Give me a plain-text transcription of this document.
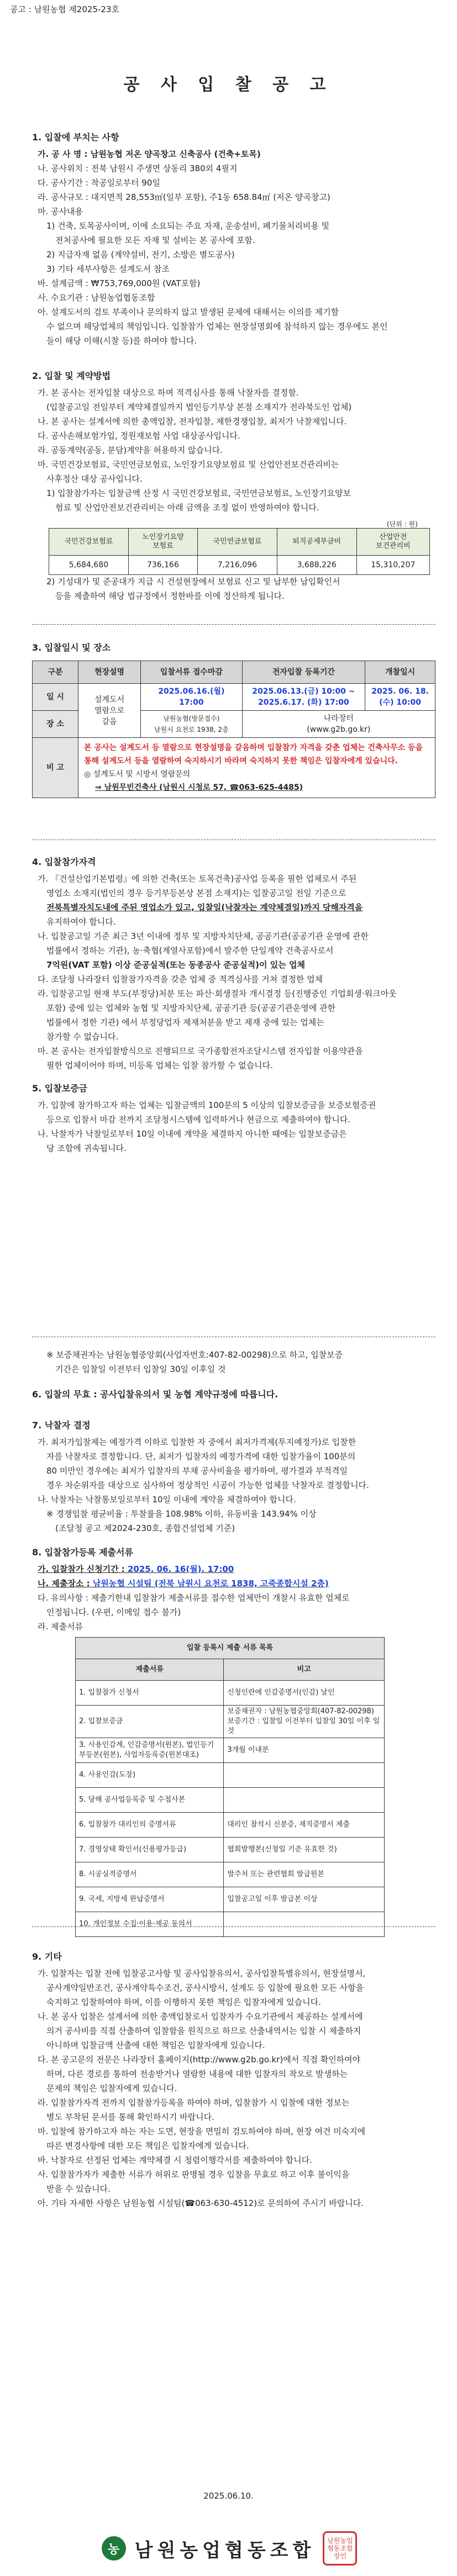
공고 : 남원농협 제2025-23호
공 사 입 찰 공 고

1. 입찰에 부치는 사항

가. 공 사 명 : 남원농협 저온 양곡창고 신축공사 (건축+토목)

나. 공사위치 : 전북 남원시 주생면 상동리 380외 4필지

다. 공사기간 : 착공일로부터 90일

라. 공사규모 : 대지면적 28,553㎡(일부 포함), 주1동 658.84㎡ (저온 양곡창고)

마. 공사내용

1) 건축, 토목공사이며, 이에 소요되는 주요 자재, 운송설비, 폐기물처리비용 및

전처공사에 필요한 모든 자재 및 설비는 본 공사에 포함.

2) 지급자재 없음 (계약설비, 전기, 소방은 별도공사)

3) 기타 세부사항은 설계도서 참조

바. 설계금액 : ₩753,769,000원 (VAT포함)

사. 수요기관 : 남원농업협동조합

아. 설계도서의 검토 부족이나 문의하지 않고 발생된 문제에 대해서는 이의를 제기할

수 없으며 해당업체의 책임입니다. 입찰참가 업체는 현장설명회에 참석하지 않는 경우에도 본인

들이 해당 이해(시찰 등)를 하여야 합니다.

2. 입찰 및 계약방법

가. 본 공사는 전자입찰 대상으로 하며 적격심사를 통해 낙찰자를 결정함.

(입찰공고일 전일부터 계약체결일까지 법인등기부상 본점 소재지가 전라북도인 업체)

나. 본 공사는 설계서에 의한 총액입찰, 전자입찰, 제한경쟁입찰, 최저가 낙찰제입니다.

다. 공사손해보험가입, 정원재보험 사업 대상공사입니다.

라. 공동계약(공동, 분담)계약을 허용하지 않습니다.

마. 국민건강보험료, 국민연금보험료, 노인장기요양보험료 및 산업안전보건관리비는

사후정산 대상 공사입니다.

1) 입찰참가자는 입찰금액 산정 시 국민건강보험료, 국민연금보험료, 노인장기요양보

험료 및 산업안전보건관리비는 아래 금액을 조정 없이 반영하여야 합니다.

(단위 : 원)
국민건강보험료	노인장기요양
보험료	국민연금보험료	퇴직공제부금비	산업안전
보건관리비
5,684,680	736,166	7,216,096	3,688,226	15,310,207

2) 기성대가 및 준공대가 지급 시 건설현장에서 보험료 신고 및 납부한 납입확인서

등을 제출하여 해당 법규정에서 정한바를 이에 정산하게 됩니다.

3. 입찰일시 및 장소

구분	현장설명	입찰서류 접수마감	전자입찰 등록기간	개찰일시
일 시	설계도서
열람으로
갈음	2025.06.16.(월)
17:00	2025.06.13.(금) 10:00 ~
2025.6.17. (화) 17:00	2025. 06. 18.
(수) 10:00
장 소		남원농협(방문접수)
남원시 요천로 1938, 2층	나라장터
(www.g2b.go.kr)	
비 고	본 공사는 설계도서 등 열람으로 현장설명을 갈음하며 입찰참가 자격을 갖춘 업체는 건축사무소 등을 통해 설계도서 등을 열람하여 숙지하시기 바라며 숙지하지 못한 책임은 입찰자에게 있습니다.
◎ 설계도서 및 시방서 열람문의
⇒ 남원무빈건축사 (남원시 시청로 57, ☎063-625-4485)			

4. 입찰참가자격

가. 『건설산업기본법령』에 의한 건축(또는 토목건축)공사업 등록을 필한 업체로서 주된

영업소 소재지(법인의 경우 등기부등본상 본점 소재지)는 입찰공고일 전일 기준으로

전북특별자치도내에 주된 영업소가 있고, 입찰일(낙찰자는 계약체결일)까지 당해자격을

유지하여야 합니다.

나. 입찰공고일 기준 최근 3년 이내에 정부 및 지방자치단체, 공공기관(공공기관 운영에 관한

법률에서 정하는 기관), 농·축협(계열사포함)에서 발주한 단일계약 건축공사로서

7억원(VAT 포함) 이상 준공실적(또는 동종공사 준공실적)이 있는 업체

다. 조달청 나라장터 입찰참가자격을 갖춘 업체 중 적격심사를 거쳐 결정한 업체

라. 입찰공고일 현재 부도(부정당)처분 또는 파산·회생절차 개시결정 등(진행중인 기업회생·워크아웃

포함) 중에 있는 업체와 농협 및 지방자치단체, 공공기관 등(공공기관운영에 관한

법률에서 정한 기관) 에서 부정당업자 제재처분을 받고 제재 중에 있는 업체는

참가할 수 없습니다.

마. 본 공사는 전자입찰방식으로 진행되므로 국가종합전자조달시스템 전자입찰 이용약관을

필한 업체이어야 하며, 미등록 업체는 입찰 참가할 수 없습니다.

5. 입찰보증금

가. 입찰에 참가하고자 하는 업체는 입찰금액의 100분의 5 이상의 입찰보증금을 보증보험증권

등으로 입찰서 마감 전까지 조달청시스템에 입력하거나 현금으로 제출하여야 합니다.

나. 낙찰자가 낙찰일로부터 10일 이내에 계약을 체결하지 아니한 때에는 입찰보증금은

당 조합에 귀속됩니다.

※ 보증채권자는 남원농협중앙회(사업자번호:407-82-00298)으로 하고, 입찰보증

기간은 입찰일 이전부터 입찰일 30일 이후일 것

6. 입찰의 무효 : 공사입찰유의서 및 농협 계약규정에 따릅니다.

7. 낙찰자 결정

가. 최저가입찰제는 예정가격 이하로 입찰한 자 중에서 최저가격제(투지예정가)로 입찰한

자를 낙찰자로 결정합니다. 단, 최저가 입찰자의 예정가격에 대한 입찰가율이 100분의

80 미만인 경우에는 최저가 입찰자의 부채 공사비율을 평가하여, 평가결과 부적격일

경우 차순위자를 대상으로 심사하여 정상적인 시공이 가능한 업체를 낙찰자로 결정합니다.

나. 낙찰자는 낙찰통보일로부터 10일 이내에 계약을 체결하여야 합니다.

※ 경쟁입찰 평균비율 : 투찰률을 108.98% 이하, 유동비율 143.94% 이상

(조달청 공고 제2024-230호, 종합건설업체 기준)

8. 입찰참가등록 제출서류

가. 입찰참가 신청기간 : 2025. 06. 16(월). 17:00

나. 제출장소 : 남원농협 시설팀 (전북 남원시 요천로 1838, 고죽종합시설 2층)

다. 유의사항 : 제출기한내 입찰참가 제출서류를 접수한 업체만이 개찰시 유효한 업체로

인정됩니다. (우편, 이메일 접수 불가)

라. 제출서류

입찰 등록시 제출 서류 목록	
제출서류	비고
1. 입찰참가 신청서	신청인란에 인감증명서(인감) 날인
2. 입찰보증금	보증채권자 : 남원농협중앙회(407-82-00298)
보증기간 : 입찰일 이전부터 입찰일 30일 이후 일 것
3. 사용인감계, 인감증명서(원본), 법인등기부등본(원본), 사업자등록증(원본대조)	3개월 이내분
4. 사용인감(도장)	
5. 당해 공사업등록증 및 수첩사본	
6. 입찰참가 대리인의 증명서류	대리인 참석시 신분증, 재직증명서 제출
7. 경영상태 확인서(신용평가등급)	협회발행본(신청일 기준 유효한 것)
8. 시공실적증명서	발주처 또는 관련협회 발급원본
9. 국세, 지방세 완납증명서	입찰공고일 이후 발급본 이상
10. 개인정보 수집·이용·제공 동의서	

9. 기타

가. 입찰자는 입찰 전에 입찰공고사항 및 공사입찰유의서, 공사입찰특별유의서, 현장설명서,

공사계약일반조건, 공사계약특수조건, 공사시방서, 설계도 등 입찰에 필요한 모든 사항을

숙지하고 입찰하여야 하며, 이를 이행하지 못한 책임은 입찰자에게 있습니다.

나. 본 공사 입찰은 설계서에 의한 총액입찰로서 입찰자가 수요기관에서 제공하는 설계서에

의거 공사비를 직접 산출하여 입찰함을 원칙으로 하므로 산출내역서는 입찰 시 제출하지

아니하며 입찰금액 산출에 대한 책임은 입찰자에게 있습니다.

다. 본 공고문의 전문은 나라장터 홈페이지(http://www.g2b.go.kr)에서 직접 확인하여야

하며, 다른 경로를 통하여 전송받거나 열람한 내용에 대한 입찰자의 착오로 발생하는

문제의 책임은 입찰자에게 있습니다.

라. 입찰참가자격 전까지 입찰참가등록을 하여야 하며, 입찰참가 시 입찰에 대한 정보는

별도 부착된 문서를 통해 확인하시기 바랍니다.

마. 입찰에 참가하고자 하는 자는 도면, 현장을 면밀히 검토하여야 하며, 현장 여건 미숙지에

따른 변경사항에 대한 모든 책임은 입찰자에게 있습니다.

바. 낙찰자로 선정된 업체는 계약체결 시 청렴이행각서를 제출하여야 합니다.

사. 입찰참가자가 제출한 서류가 허위로 판명될 경우 입찰을 무효로 하고 이후 불이익을

받을 수 있습니다.

아. 기타 자세한 사항은 남원농협 시설팀(☎063-630-4512)로 문의하여 주시기 바랍니다.

2025.06.10.
농 남원농업협동조합	남원농업
협동조합
장인
